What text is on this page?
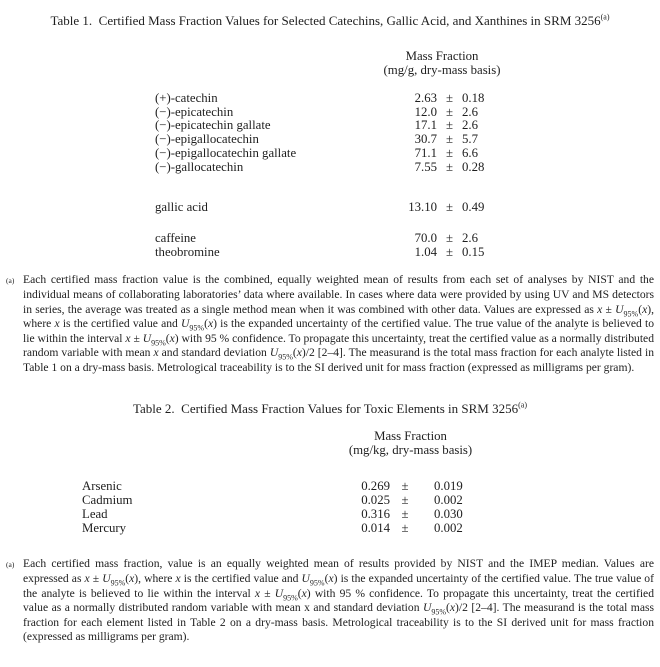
Table 1.  Certified Mass Fraction Values for Selected Catechins, Gallic Acid, and Xanthines in SRM 3256$^{(a)}$

	Mass Fraction
(mg/g, dry-mass basis)		

(+)-catechin	2.63	±	0.18
(−)-epicatechin	12.0	±	2.6
(−)-epicatechin gallate	17.1	±	2.6
(−)-epigallocatechin	30.7	±	5.7
(−)-epigallocatechin gallate	71.1	±	6.6
(−)-gallocatechin	7.55	±	0.28
gallic acid	13.10	±	0.49
caffeine	70.0	±	2.6
theobromine	1.04	±	0.15
(a) Each certified mass fraction value is the combined, equally weighted mean of results from each set of analyses by NIST and the individual means of collaborating laboratories’ data where available. In cases where data were provided by using UV and MS detectors in series, the average was treated as a single method mean when it was combined with other data. Values are expressed as $x \pm U_{95\%}(x)$, where x is the certified value and $U_{95\%}(x)$ is the expanded uncertainty of the certified value. The true value of the analyte is believed to lie within the interval $x \pm U_{95\%}(x)$ with 95 % confidence. To propagate this uncertainty, treat the certified value as a normally distributed random variable with mean x and standard deviation $U_{95\%}(x)/2$ [2–4]. The measurand is the total mass fraction for each analyte listed in Table 1 on a dry-mass basis. Metrological traceability is to the SI derived unit for mass fraction (expressed as milligrams per gram).
Table 2.  Certified Mass Fraction Values for Toxic Elements in SRM 3256$^{(a)}$

	Mass Fraction
(mg/kg, dry-mass basis)		

Arsenic	0.269	±	0.019
Cadmium	0.025	±	0.002
Lead	0.316	±	0.030
Mercury	0.014	±	0.002
(a) Each certified mass fraction, value is an equally weighted mean of results provided by NIST and the IMEP median. Values are expressed as $x \pm U_{95\%}(x)$, where x is the certified value and $U_{95\%}(x)$ is the expanded uncertainty of the certified value. The true value of the analyte is believed to lie within the interval $x \pm U_{95\%}(x)$ with 95 % confidence. To propagate this uncertainty, treat the certified value as a normally distributed random variable with mean x and standard deviation $U_{95\%}(x)/2$ [2–4]. The measurand is the total mass fraction for each element listed in Table 2 on a dry-mass basis. Metrological traceability is to the SI derived unit for mass fraction (expressed as milligrams per gram).
